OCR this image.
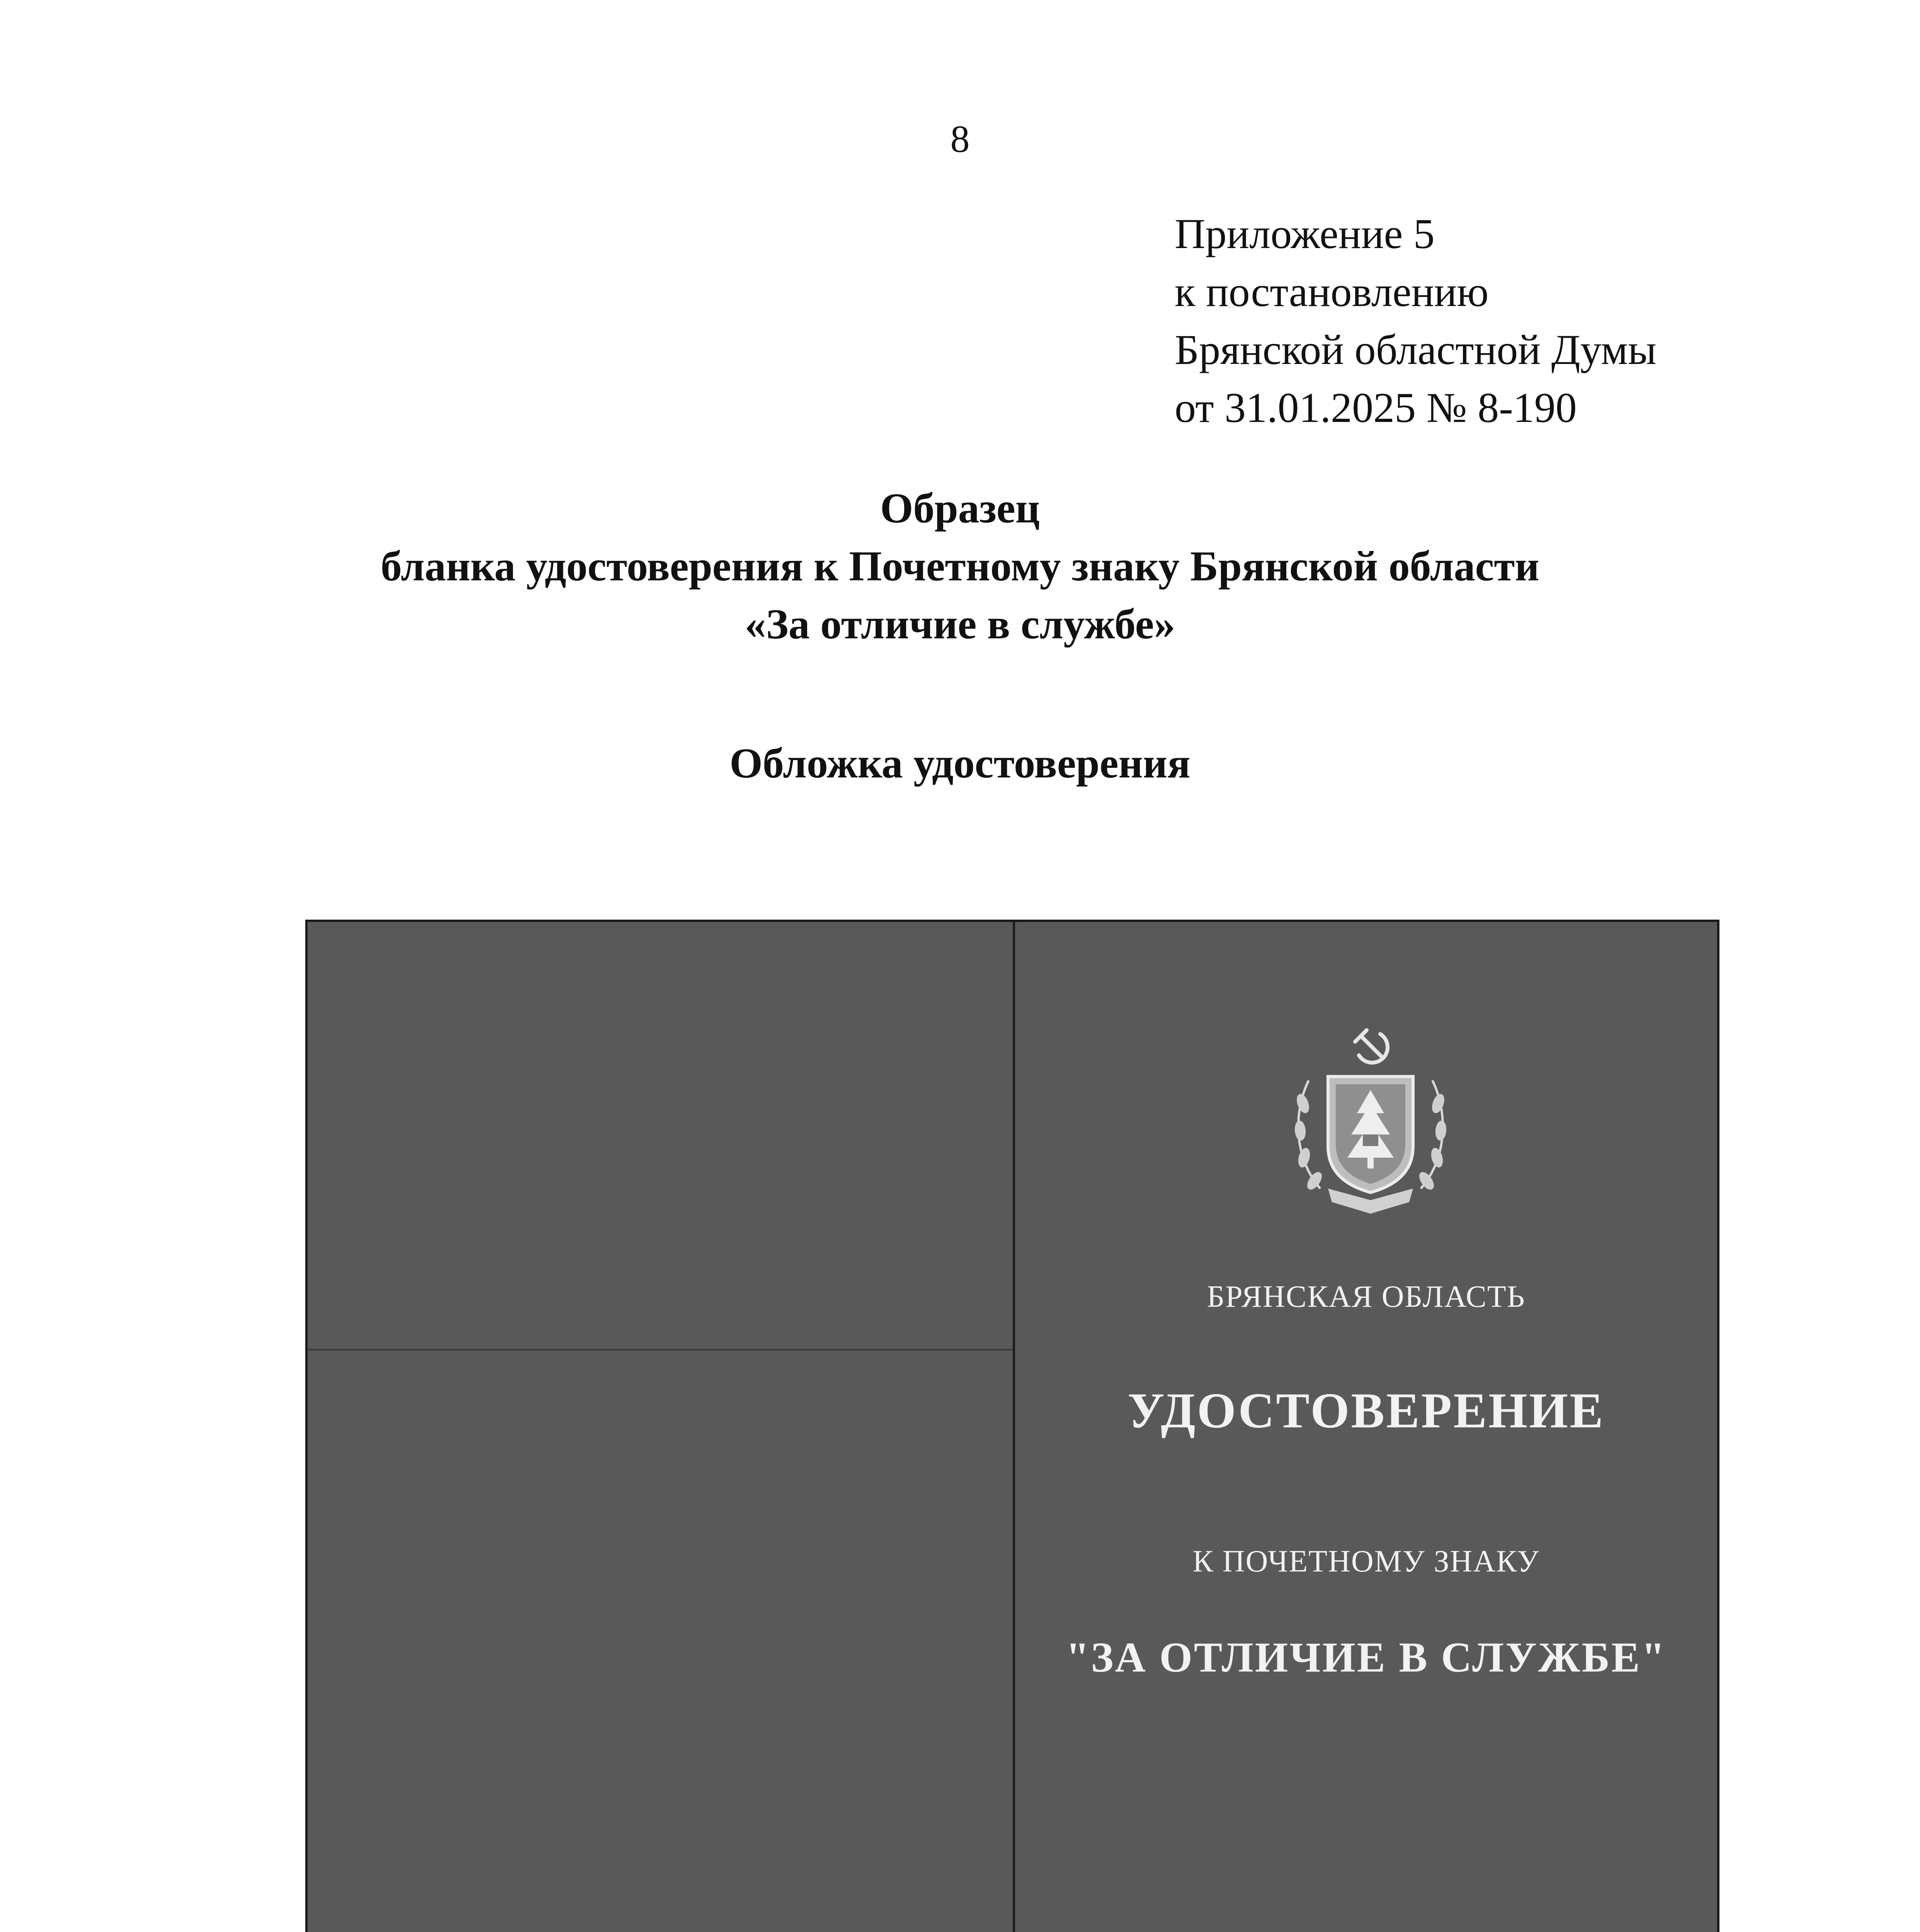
8
Приложение 5
к постановлению
Брянской областной Думы
от 31.01.2025 № 8-190
Образец
бланка удостоверения к Почетному знаку Брянской области
«За отличие в службе»
Обложка удостоверения
БРЯНСКАЯ ОБЛАСТЬ
УДОСТОВЕРЕНИЕ
К ПОЧЕТНОМУ ЗНАКУ
"ЗА ОТЛИЧИЕ В СЛУЖБЕ"
